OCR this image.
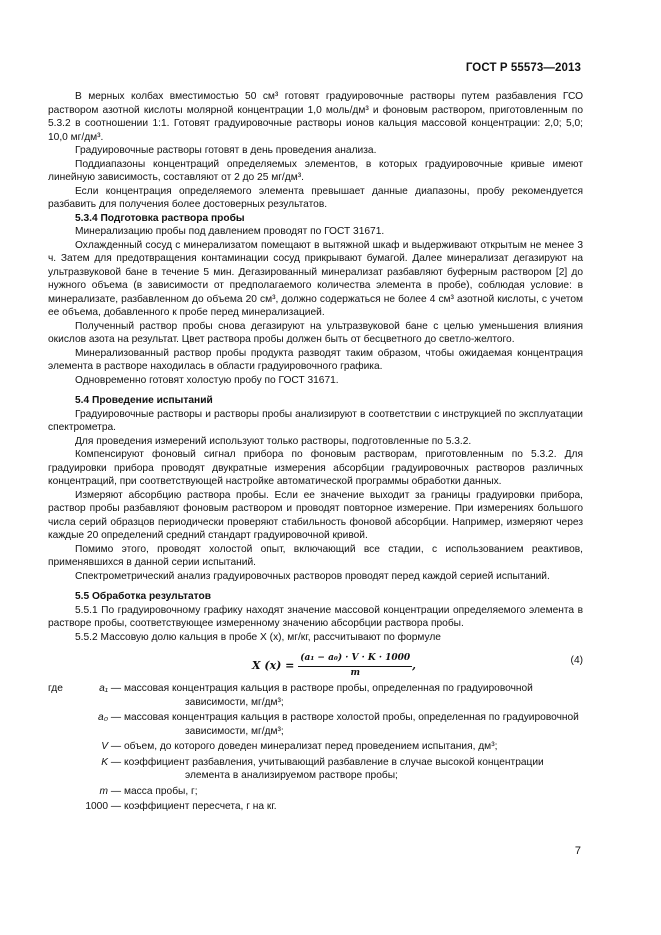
ГОСТ Р 55573—2013

В мерных колбах вместимостью 50 см³ готовят градуировочные растворы путем разбавления ГСО раствором азотной кислоты молярной концентрации 1,0 моль/дм³ и фоновым раствором, приготовленным по 5.3.2 в соотношении 1:1. Готовят градуировочные растворы ионов кальция массовой концентрации: 2,0; 5,0; 10,0 мг/дм³.

Градуировочные растворы готовят в день проведения анализа.

Поддиапазоны концентраций определяемых элементов, в которых градуировочные кривые имеют линейную зависимость, составляют от 2 до 25 мг/дм³.

Если концентрация определяемого элемента превышает данные диапазоны, пробу рекомендуется разбавить для получения более достоверных результатов.

5.3.4 Подготовка раствора пробы

Минерализацию пробы под давлением проводят по ГОСТ 31671.

Охлажденный сосуд с минерализатом помещают в вытяжной шкаф и выдерживают открытым не менее 3 ч. Затем для предотвращения контаминации сосуд прикрывают бумагой. Далее минерализат дегазируют на ультразвуковой бане в течение 5 мин. Дегазированный минерализат разбавляют буферным раствором [2] до нужного объема (в зависимости от предполагаемого количества элемента в пробе), соблюдая условие: в минерализате, разбавленном до объема 20 см³, должно содержаться не более 4 см³ азотной кислоты, с учетом ее объема, добавленного к пробе перед минерализацией.

Полученный раствор пробы снова дегазируют на ультразвуковой бане с целью уменьшения влияния окислов азота на результат. Цвет раствора пробы должен быть от бесцветного до светло-желтого.

Минерализованный раствор пробы продукта разводят таким образом, чтобы ожидаемая концентрация элемента в растворе находилась в области градуировочного графика.

Одновременно готовят холостую пробу по ГОСТ 31671.

5.4 Проведение испытаний

Градуировочные растворы и растворы пробы анализируют в соответствии с инструкцией по эксплуатации спектрометра.

Для проведения измерений используют только растворы, подготовленные по 5.3.2.

Компенсируют фоновый сигнал прибора по фоновым растворам, приготовленным по 5.3.2. Для градуировки прибора проводят двукратные измерения абсорбции градуировочных растворов различных концентраций, при соответствующей настройке автоматической программы обработки данных.

Измеряют абсорбцию раствора пробы. Если ее значение выходит за границы градуировки прибора, раствор пробы разбавляют фоновым раствором и проводят повторное измерение. При измерениях большого числа серий образцов периодически проверяют стабильность фоновой абсорбции. Например, измеряют через каждые 20 определений средний стандарт градуировочной кривой.

Помимо этого, проводят холостой опыт, включающий все стадии, с использованием реактивов, применявшихся в данной серии испытаний.

Спектрометрический анализ градуировочных растворов проводят перед каждой серией испытаний.

5.5 Обработка результатов

5.5.1 По градуировочному графику находят значение массовой концентрации определяемого элемента в растворе пробы, соответствующее измеренному значению абсорбции раствора пробы.

5.5.2 Массовую долю кальция в пробе X (x), мг/кг, рассчитывают по формуле

X $(x) = \frac{\text{(a₁ − a₀) · V · K · 1000}}{m}$ ,	(4)

где	a₁ — массовая концентрация кальция в растворе пробы, определенная по градуировочной зависимости, мг/дм³;

a₀ — массовая концентрация кальция в растворе холостой пробы, определенная по градуировочной зависимости, мг/дм³;

V — объем, до которого доведен минерализат перед проведением испытания, дм³;

K — коэффициент разбавления, учитывающий разбавление в случае высокой концентрации элемента в анализируемом растворе пробы;

m — масса пробы, г;

1000 — коэффициент пересчета, г на кг.

7
